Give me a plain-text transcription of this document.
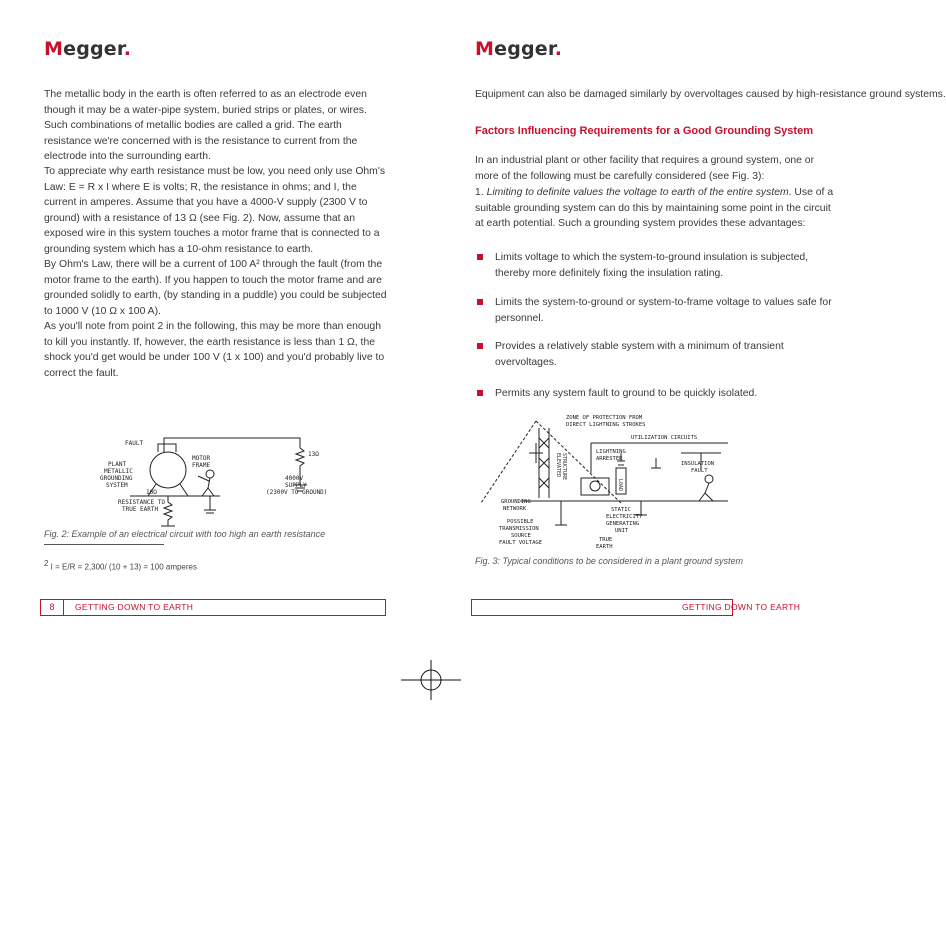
Megger.

The metallic body in the earth is often referred to as an electrode even though it may be a water-pipe system, buried strips or plates, or wires. Such combinations of metallic bodies are called a grid. The earth resistance we're concerned with is the resistance to current from the electrode into the surrounding earth.

To appreciate why earth resistance must be low, you need only use Ohm's Law: E = R x I where E is volts; R, the resistance in ohms; and I, the current in amperes. Assume that you have a 4000-V supply (2300 V to ground) with a resistance of 13 Ω (see Fig. 2). Now, assume that an exposed wire in this system touches a motor frame that is connected to a grounding system which has a 10-ohm resistance to earth.

By Ohm's Law, there will be a current of 100 A² through the fault (from the motor frame to the earth). If you happen to touch the motor frame and are grounded solidly to earth, (by standing in a puddle) you could be subjected to 1000 V (10 Ω x 100 A).

As you'll note from point 2 in the following, this may be more than enough to kill you instantly. If, however, the earth resistance is less than 1 Ω, the shock you'd get would be under 100 V (1 x 100) and you'd probably live to correct the fault.

FAULT
MOTOR
FRAME
13Ω
4000V
SUPPLY
(2300V TO GROUND)
PLANT
METALLIC
GROUNDING
SYSTEM
10Ω
RESISTANCE TO
TRUE EARTH
Fig. 2: Example of an electrical circuit with too high an earth resistance
$^2$ I = E/R = 2,300/ (10 + 13) = 100 amperes
8	GETTING DOWN TO EARTH
Megger.

Equipment can also be damaged similarly by overvoltages caused by high-resistance ground systems.

Factors Influencing Requirements for a Good Grounding System

In an industrial plant or other facility that requires a ground system, one or more of the following must be carefully considered (see Fig. 3):

1. Limiting to definite values the voltage to earth of the entire system. Use of a suitable grounding system can do this by maintaining some point in the circuit at earth potential. Such a grounding system provides these advantages:
Limits voltage to which the system-to-ground insulation is subjected, thereby more definitely fixing the insulation rating.
Limits the system-to-ground or system-to-frame voltage to values safe for personnel.
Provides a relatively stable system with a minimum of transient overvoltages.
Permits any system fault to ground to be quickly isolated.
ZONE OF PROTECTION FROM
DIRECT LIGHTNING STROKES
UTILIZATION CIRCUITS
LIGHTNING
ARRESTER
LOAD
ELEVATED STRUCTURE	INSULATION
FAULT
GROUNDING
NETWORK
POSSIBLE
TRANSMISSION
SOURCE
FAULT VOLTAGE
STATIC
ELECTRICITY
GENERATING
UNIT
TRUE
EARTH
Fig. 3: Typical conditions to be considered in a plant ground system
GETTING DOWN TO EARTH
